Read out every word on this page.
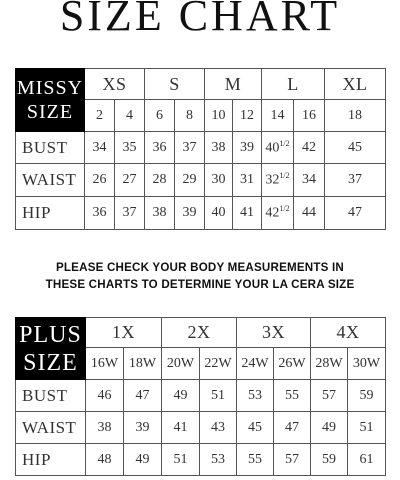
SIZE CHART
MISSY
SIZE	XS		S		M		L		XL
	2	4	6	8	10	12	14	16	18
BUST	34	35	36	37	38	39	$40^{1/2}$	42	45
WAIST	26	27	28	29	30	31	$32^{1/2}$	34	37
HIP	36	37	38	39	40	41	$42^{1/2}$	44	47
PLEASE CHECK YOUR BODY MEASUREMENTS IN
THESE CHARTS TO DETERMINE YOUR LA CERA SIZE
PLUS
SIZE	1X		2X		3X		4X	
	16W	18W	20W	22W	24W	26W	28W	30W
BUST	46	47	49	51	53	55	57	59
WAIST	38	39	41	43	45	47	49	51
HIP	48	49	51	53	55	57	59	61
